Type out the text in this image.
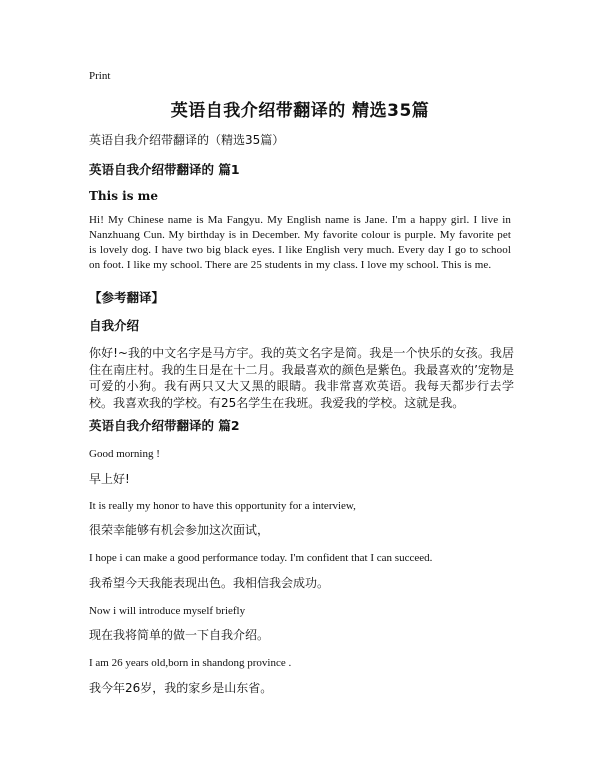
Print
英语自我介绍带翻译的 精选35篇
英语自我介绍带翻译的（精选35篇）
英语自我介绍带翻译的 篇1
This is me
Hi! My Chinese name is Ma Fangyu. My English name is Jane. I'm a happy girl. I live in Nanzhuang Cun. My birthday is in December. My favorite colour is purple. My favorite pet is lovely dog. I have two big black eyes. I like English very much. Every day I go to school on foot. I like my school. There are 25 students in my class. I love my school. This is me.
【参考翻译】
自我介绍
你好!~我的中文名字是马方宇。我的英文名字是简。我是一个快乐的女孩。我居住在南庄村。我的生日是在十二月。我最喜欢的颜色是紫色。我最喜欢的’宠物是可爱的小狗。我有两只又大又黑的眼睛。我非常喜欢英语。我每天都步行去学校。我喜欢我的学校。有25名学生在我班。我爱我的学校。这就是我。
英语自我介绍带翻译的 篇2
Good morning !
早上好!
It is really my honor to have this opportunity for a interview,
很荣幸能够有机会参加这次面试，
I hope i can make a good performance today. I'm confident that I can succeed.
我希望今天我能表现出色。我相信我会成功。
Now i will introduce myself briefly
现在我将简单的做一下自我介绍。
I am 26 years old,born in shandong province .
我今年26岁，我的家乡是山东省。
